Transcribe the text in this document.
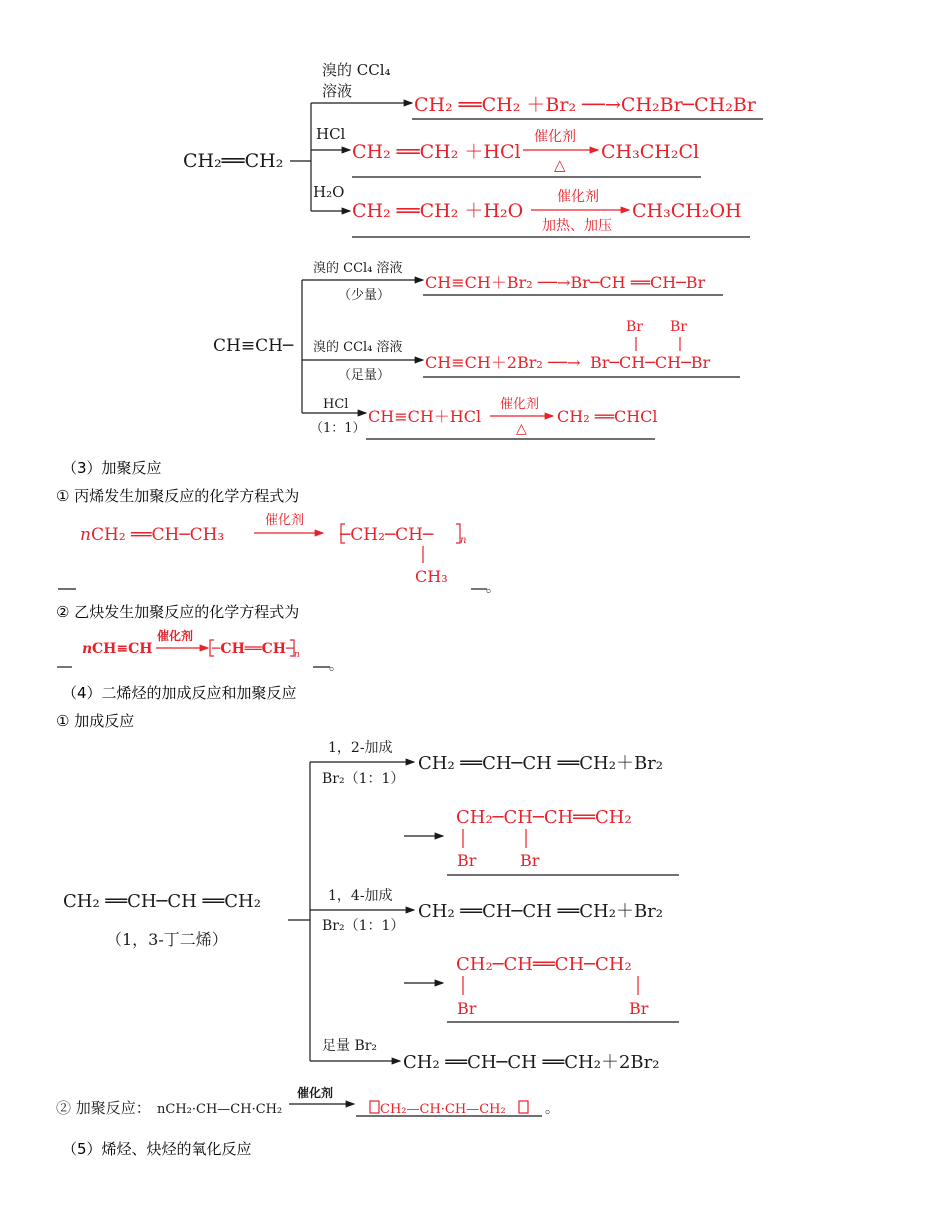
CH₂══CH₂
溴的 CCl₄
溶液
CH₂ ══CH₂ ＋Br₂ ──→CH₂Br─CH₂Br
HCl
CH₂ ══CH₂ ＋HCl
催化剂
△
CH₃CH₂Cl
H₂O
CH₂ ══CH₂ ＋H₂O
催化剂
加热、加压
CH₃CH₂OH
CH≡CH─
溴的 CCl₄ 溶液
（少量）
CH≡CH＋Br₂ ──→Br─CH ══CH─Br
溴的 CCl₄ 溶液
（足量）
CH≡CH＋2Br₂ ──→ Br─CH─CH─Br
Br Br
HCl
（1：1）
CH≡CH＋HCl
催化剂
△
CH₂ ══CHCl
n CH₂ ══CH─CH₃
催化剂
─CH₂─CH─	n
CH₃
。
n CH≡CH
催化剂
─CH══CH─ n
。
CH₂ ══CH─CH ══CH₂
（1，3-丁二烯）
1，2-加成
Br₂（1：1）
CH₂ ══CH─CH ══CH₂＋Br₂
CH₂─CH─CH══CH₂
Br	Br
1，4-加成
Br₂（1：1）
CH₂ ══CH─CH ══CH₂＋Br₂
CH₂─CH══CH─CH₂
Br	Br
足量 Br₂
CH₂ ══CH─CH ══CH₂＋2Br₂
② 加聚反应： nCH₂·CH—CH·CH₂
催化剂
CH₂—CH·CH—CH₂	。
（3）加聚反应
① 丙烯发生加聚反应的化学方程式为
② 乙炔发生加聚反应的化学方程式为
（4）二烯烃的加成反应和加聚反应
① 加成反应
（5）烯烃、炔烃的氧化反应
